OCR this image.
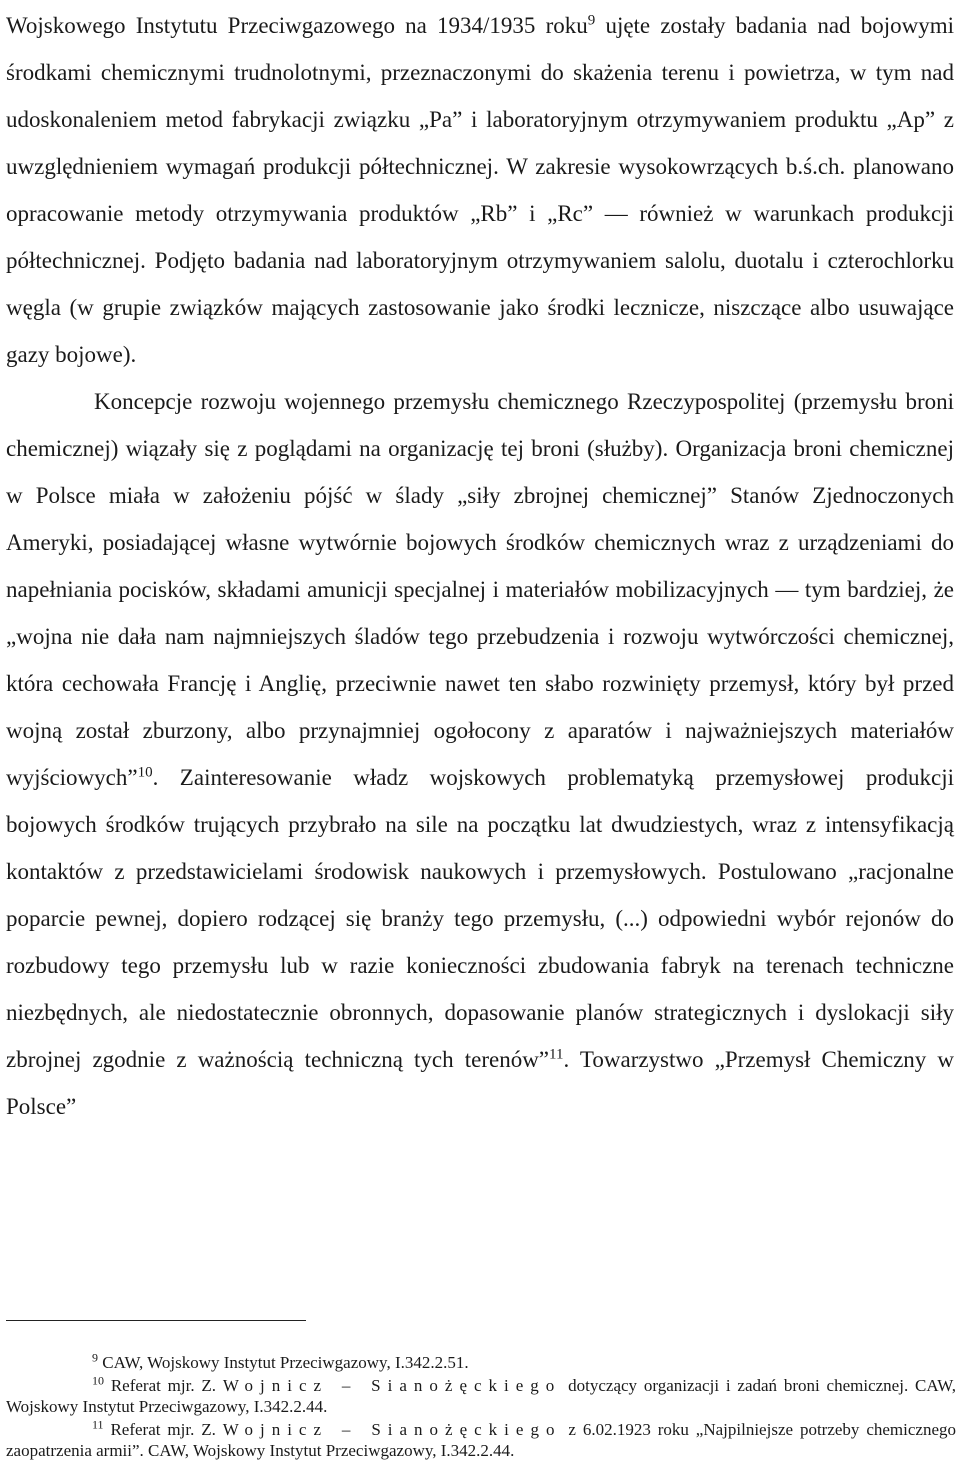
Wojskowego Instytutu Przeciwgazowego na 1934/1935 roku$^9$ ujęte zostały badania nad bojowymi środkami chemicznymi trudnolotnymi, przeznaczonymi do skażenia terenu i powietrza, w tym nad udoskonaleniem metod fabrykacji związku „Pa” i laboratoryjnym otrzymywaniem produktu „Ap” z uwzględnieniem wymagań produkcji półtechnicznej. W zakresie wysokowrzących b.ś.ch. planowano opracowanie metody otrzymywania produktów „Rb” i „Rc” — również w warunkach produkcji półtechnicznej. Podjęto badania nad laboratoryjnym otrzymywaniem salolu, duotalu i czterochlorku węgla (w grupie związków mających zastosowanie jako środki lecznicze, niszczące albo usuwające gazy bojowe).

Koncepcje rozwoju wojennego przemysłu chemicznego Rzeczypospolitej (przemysłu broni chemicznej) wiązały się z poglądami na organizację tej broni (służby). Organizacja broni chemicznej w Polsce miała w założeniu pójść w ślady „siły zbrojnej chemicznej” Stanów Zjednoczonych Ameryki, posiadającej własne wytwórnie bojowych środków chemicznych wraz z urządzeniami do napełniania pocisków, składami amunicji specjalnej i materiałów mobilizacyjnych — tym bardziej, że „wojna nie dała nam najmniejszych śladów tego przebudzenia i rozwoju wytwórczości chemicznej, która cechowała Francję i Anglię, przeciwnie nawet ten słabo rozwinięty przemysł, który był przed wojną został zburzony, albo przynajmniej ogołocony z aparatów i najważniejszych materiałów wyjściowych”$^{10}$. Zainteresowanie władz wojskowych problematyką przemysłowej produkcji bojowych środków trujących przybrało na sile na początku lat dwudziestych, wraz z intensyfikacją kontaktów z przedstawicielami środowisk naukowych i przemysłowych. Postulowano „racjonalne poparcie pewnej, dopiero rodzącej się branży tego przemysłu, (...) odpowiedni wybór rejonów do rozbudowy tego przemysłu lub w razie konieczności zbudowania fabryk na terenach techniczne niezbędnych, ale niedostatecznie obronnych, dopasowanie planów strategicznych i dyslokacji siły zbrojnej zgodnie z ważnością techniczną tych terenów”$^{11}$. Towarzystwo „Przemysł Chemiczny w Polsce”

$^9$ CAW, Wojskowy Instytut Przeciwgazowy, I.342.2.51.

$^{10}$ Referat mjr. Z. Wojnicz – Sianożęckiego dotyczący organizacji i zadań broni chemicznej. CAW, Wojskowy Instytut Przeciwgazowy, I.342.2.44.

$^{11}$ Referat mjr. Z. Wojnicz – Sianożęckiego z 6.02.1923 roku „Najpilniejsze potrzeby chemicznego zaopatrzenia armii”. CAW, Wojskowy Instytut Przeciwgazowy, I.342.2.44.
